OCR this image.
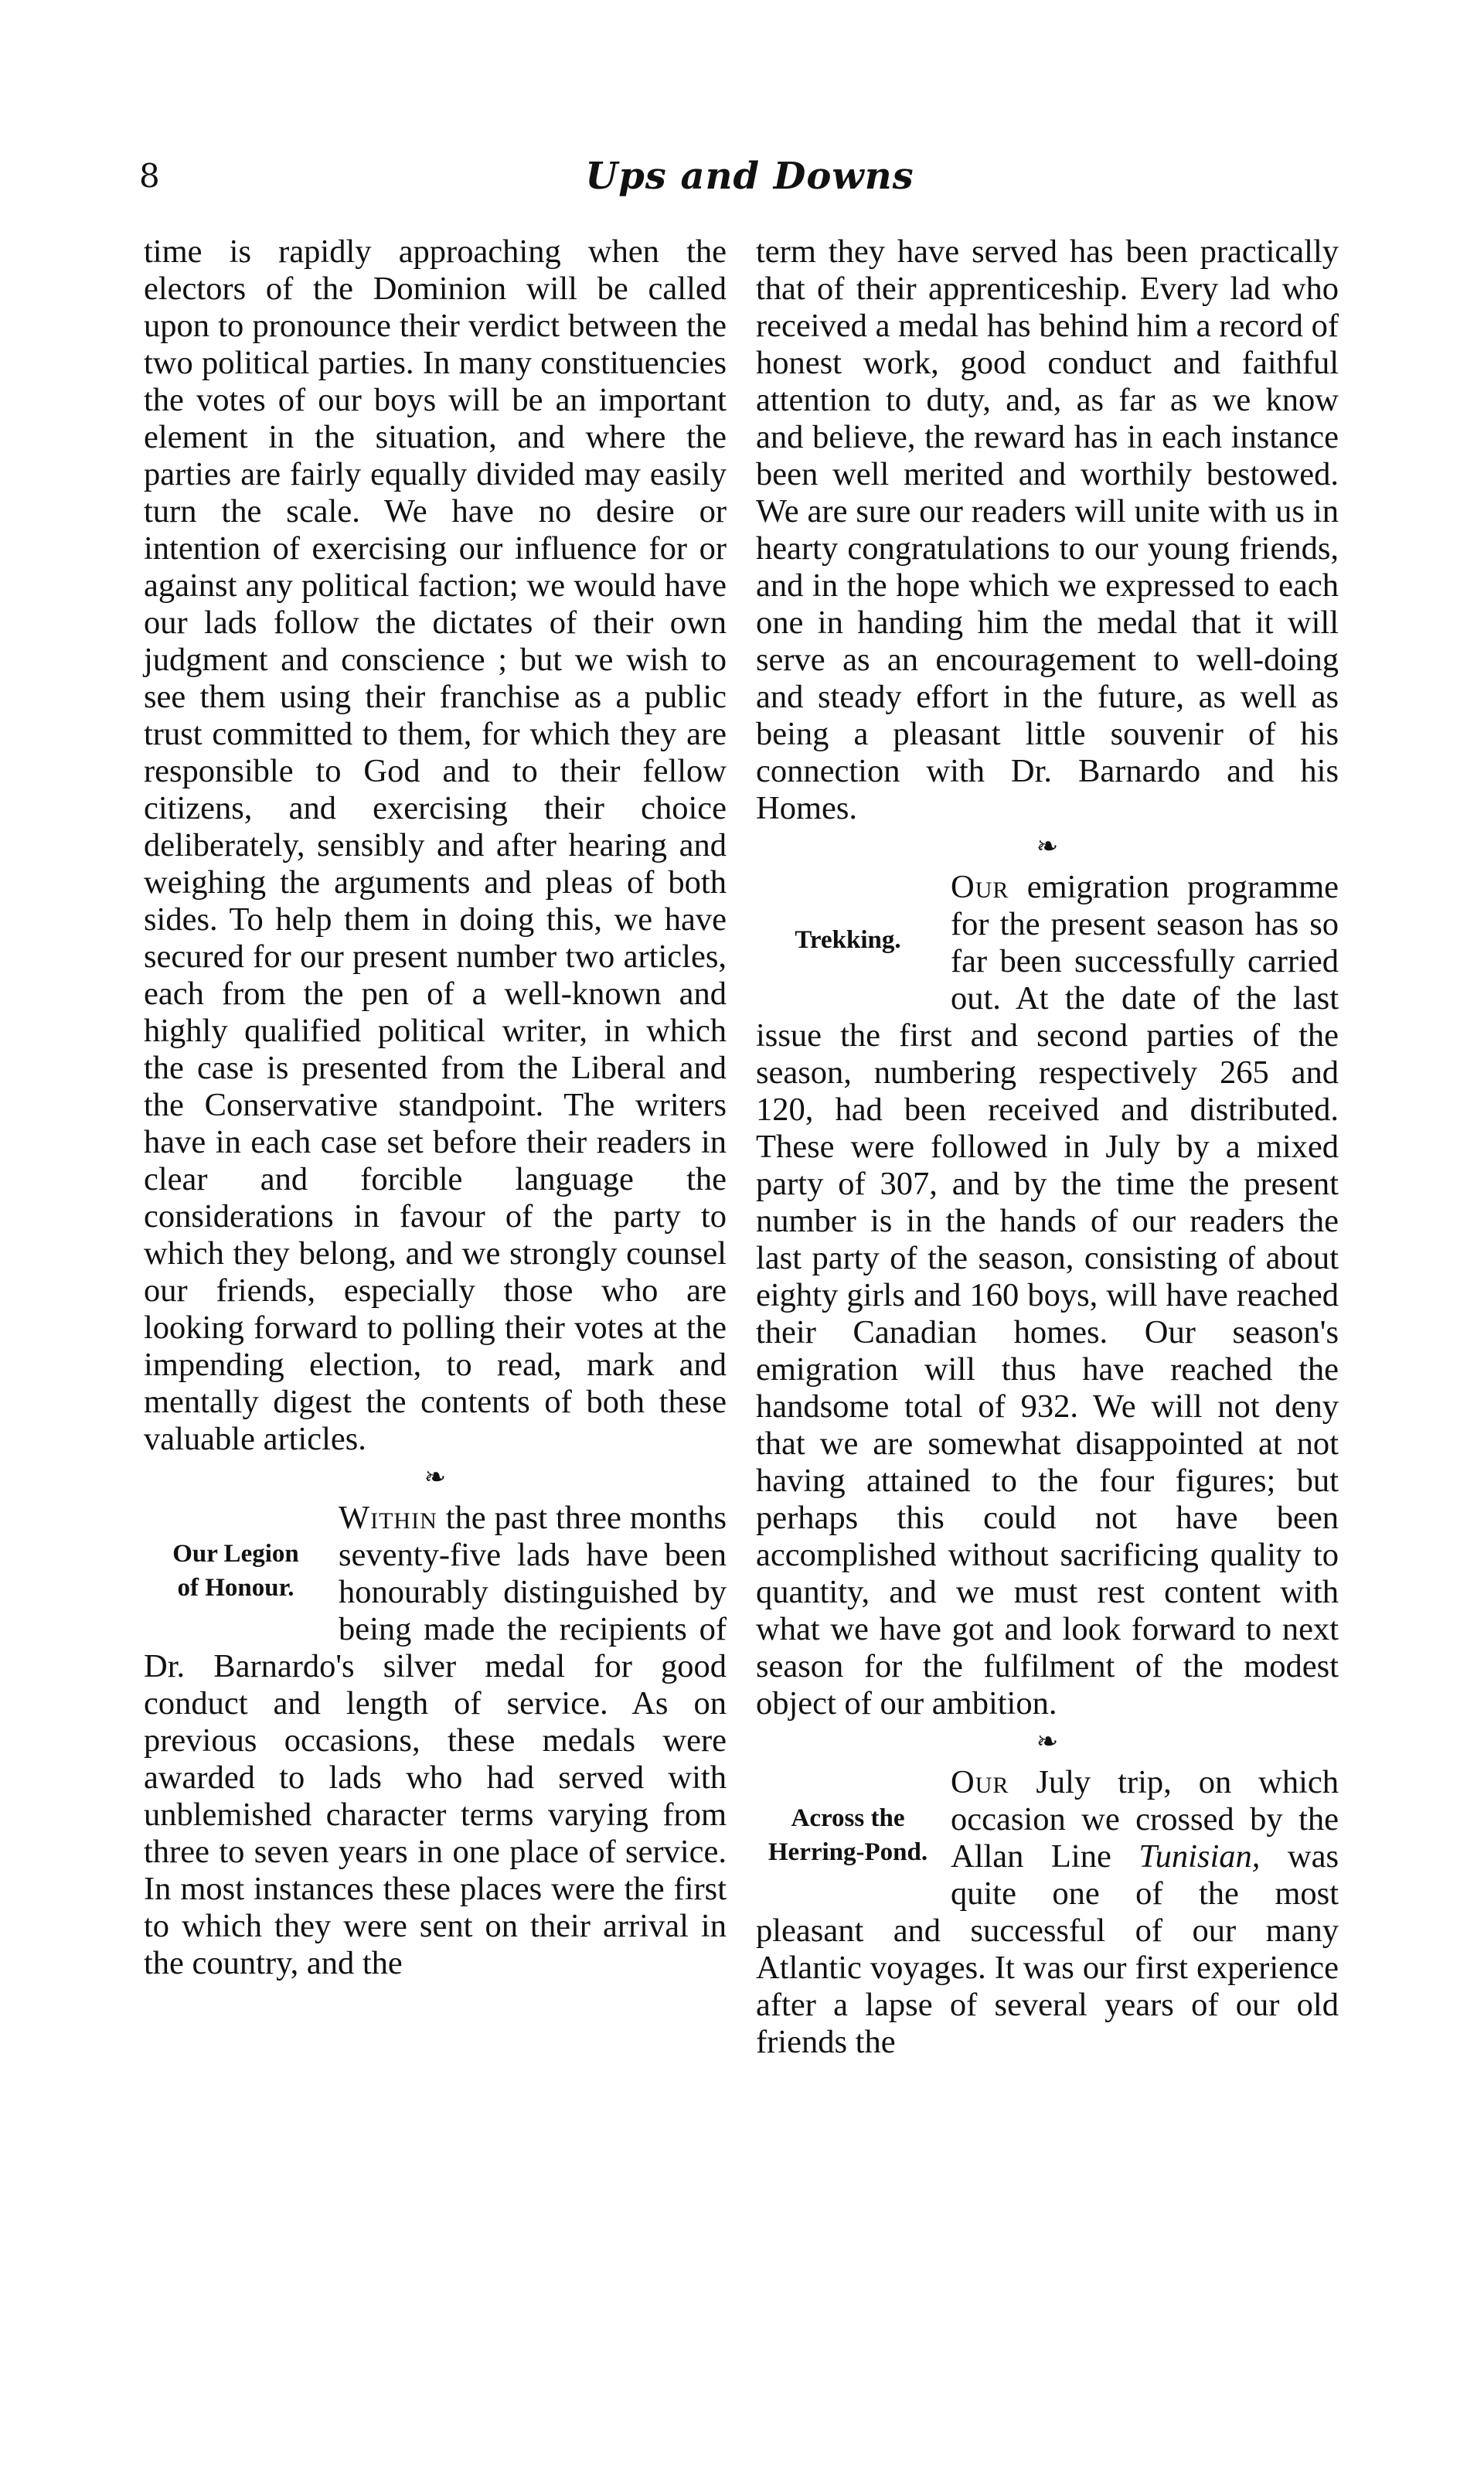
8	Ups and Downs

time is rapidly approaching when the electors of the Dominion will be called upon to pronounce their verdict between the two political parties. In many constituencies the votes of our boys will be an important element in the situation, and where the parties are fairly equally divided may easily turn the scale. We have no desire or intention of exercising our influence for or against any political faction; we would have our lads follow the dictates of their own judgment and conscience ; but we wish to see them using their franchise as a public trust committed to them, for which they are responsible to God and to their fellow citizens, and exercising their choice deliberately, sensibly and after hearing and weighing the arguments and pleas of both sides. To help them in doing this, we have secured for our present number two articles, each from the pen of a well-known and highly qualified political writer, in which the case is presented from the Liberal and the Conservative standpoint. The writers have in each case set before their readers in clear and forcible language the considerations in favour of the party to which they belong, and we strongly counsel our friends, especially those who are looking forward to polling their votes at the impending election, to read, mark and mentally digest the contents of both these valuable articles.

❧
Our Legion
of Honour.

Within the past three months seventy-five lads have been honourably distinguished by being made the recipients of Dr. Barnardo's silver medal for good conduct and length of service. As on previous occasions, these medals were awarded to lads who had served with unblemished character terms varying from three to seven years in one place of service. In most instances these places were the first to which they were sent on their arrival in the country, and the

term they have served has been practically that of their apprenticeship. Every lad who received a medal has behind him a record of honest work, good conduct and faithful attention to duty, and, as far as we know and believe, the reward has in each instance been well merited and worthily bestowed. We are sure our readers will unite with us in hearty congratulations to our young friends, and in the hope which we expressed to each one in handing him the medal that it will serve as an encouragement to well-doing and steady effort in the future, as well as being a pleasant little souvenir of his connection with Dr. Barnardo and his Homes.

❧
Trekking.

Our emigration programme for the present season has so far been successfully carried out. At the date of the last issue the first and second parties of the season, numbering respectively 265 and 120, had been received and distributed. These were followed in July by a mixed party of 307, and by the time the present number is in the hands of our readers the last party of the season, consisting of about eighty girls and 160 boys, will have reached their Canadian homes. Our season's emigration will thus have reached the handsome total of 932. We will not deny that we are somewhat disappointed at not having attained to the four figures; but perhaps this could not have been accomplished without sacrificing quality to quantity, and we must rest content with what we have got and look forward to next season for the fulfilment of the modest object of our ambition.

❧
Across the
Herring-Pond.

Our July trip, on which occasion we crossed by the Allan Line Tunisian, was quite one of the most pleasant and successful of our many Atlantic voyages. It was our first experience after a lapse of several years of our old friends the
